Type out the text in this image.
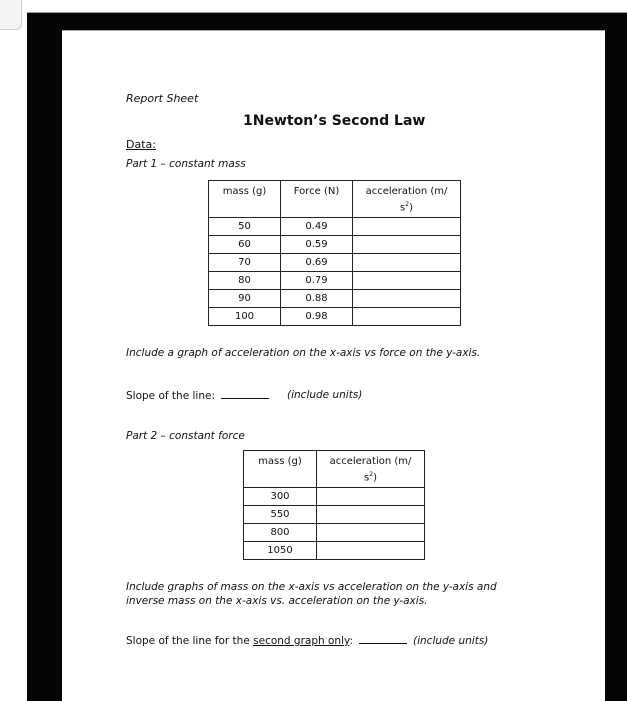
Report Sheet
1Newton’s Second Law
Data:
Part 1 – constant mass
mass (g)	Force (N)	acceleration (m/
$s^2$)
50	0.49	
60	0.59	
70	0.69	
80	0.79	
90	0.88	
100	0.98	
Include a graph of acceleration on the x-axis vs force on the y-axis.
Slope of the line:	(include units)
Part 2 – constant force
mass (g)	acceleration (m/
$s^2$)
300	
550	
800	
1050	
Include graphs of mass on the x-axis vs acceleration on the y-axis and
inverse mass on the x-axis vs. acceleration on the y-axis.
Slope of the line for the second graph only:	(include units)
